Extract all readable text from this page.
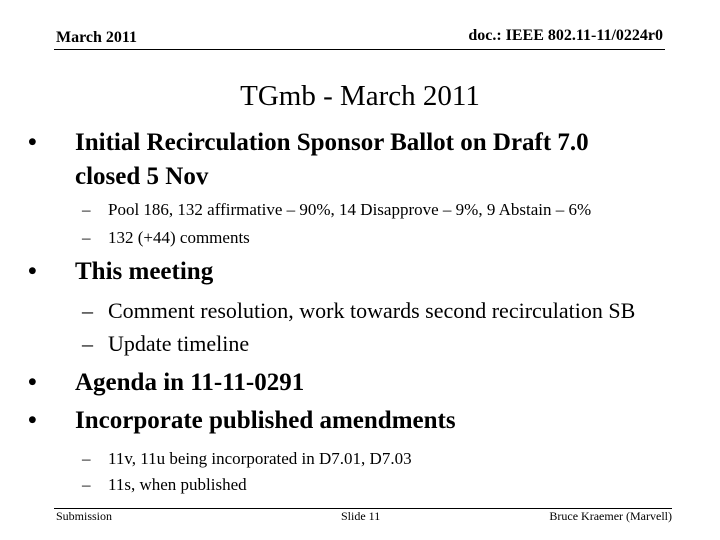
March 2011	doc.: IEEE 802.11-11/0224r0
TGmb - March 2011
• Initial Recirculation Sponsor Ballot on Draft 7.0
closed 5 Nov
– Pool 186, 132 affirmative – 90%, 14 Disapprove – 9%, 9 Abstain – 6%
– 132 (+44) comments
• This meeting
– Comment resolution, work towards second recirculation SB
– Update timeline
• Agenda in 11-11-0291
• Incorporate published amendments
– 11v, 11u being incorporated in D7.01, D7.03
– 11s, when published
Submission	Slide 11	Bruce Kraemer (Marvell)
